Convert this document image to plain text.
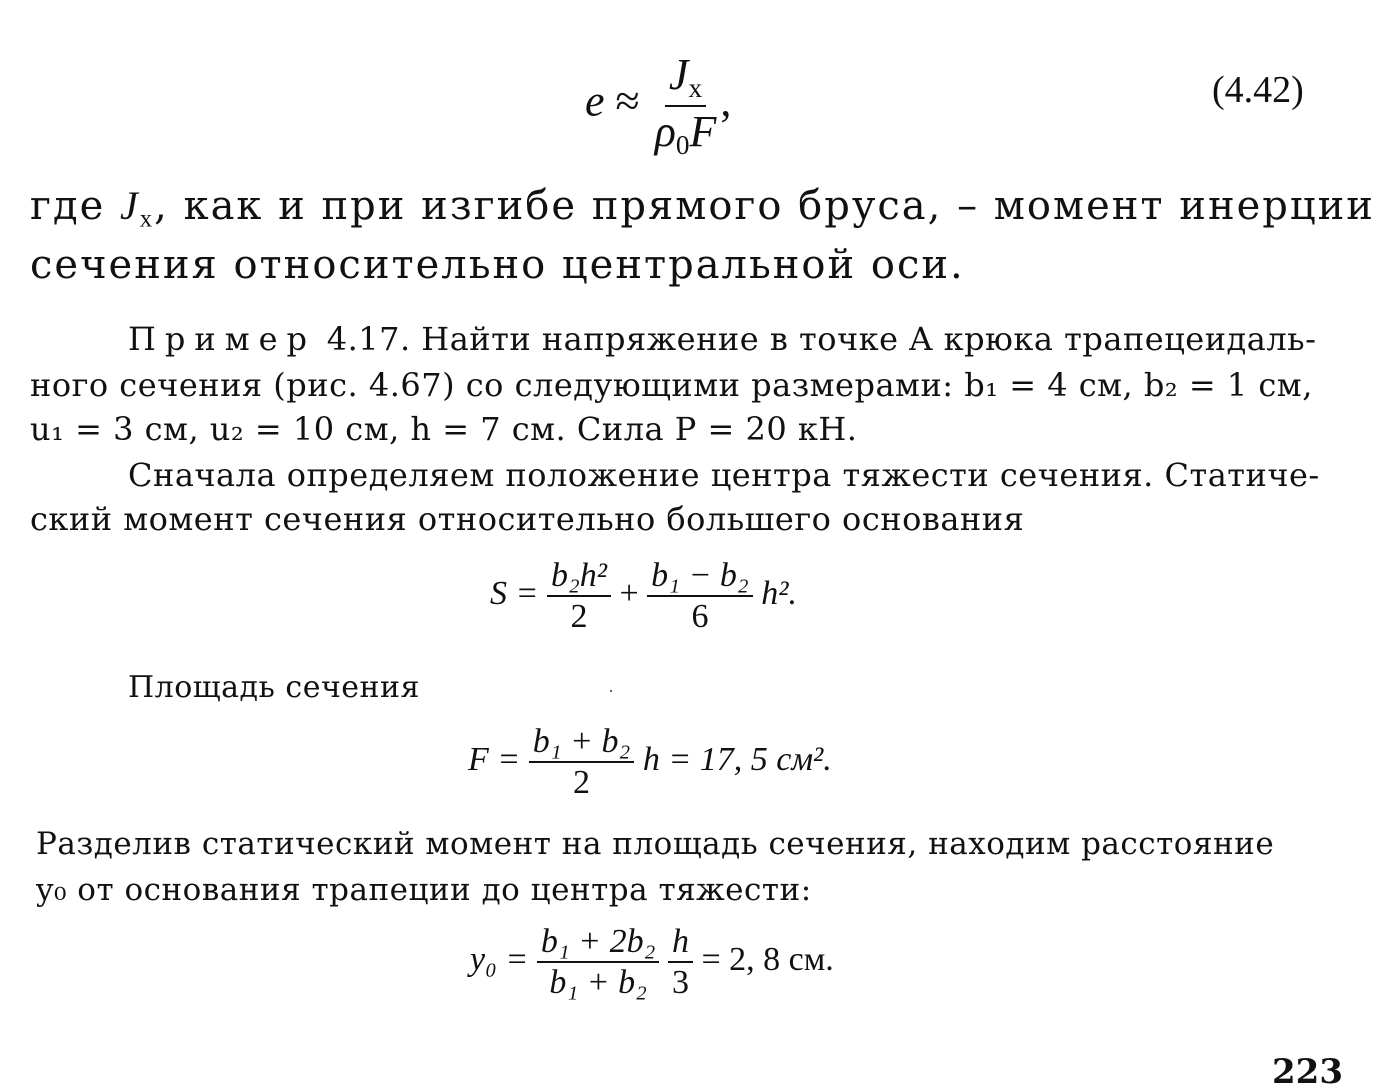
$e \approx \frac{J_x}{\rho_0F}$ ,	(4.42)
где $J_x$, как и при изгибе прямого бруса, – момент инерции
сечения относительно центральной оси.
Пример 4.17. Найти напряжение в точке A крюка трапецеидаль-
ного сечения (рис. 4.67) со следующими размерами: b₁ = 4 см, b₂ = 1 см,
u₁ = 3 см, u₂ = 10 см, h = 7 см. Сила P = 20 кН.
Сначала определяем положение центра тяжести сечения. Статиче-
ский момент сечения относительно большего основания
$S = \frac{\text{b₂h²}}{2} + \frac{\text{b₁ − b₂}}{6} h^2$.
Площадь сечения
$F = \frac{\text{b₁ + b₂}}{2}$ h = 17, 5 см².
Разделив статический момент на площадь сечения, находим расстояние
y₀ от основания трапеции до центра тяжести:
$y_0 = \frac{\text{b₁ + 2b₂}}{\text{b₁ + b₂}}$
$\frac{h}{3} = 2$, 8 см.
223
